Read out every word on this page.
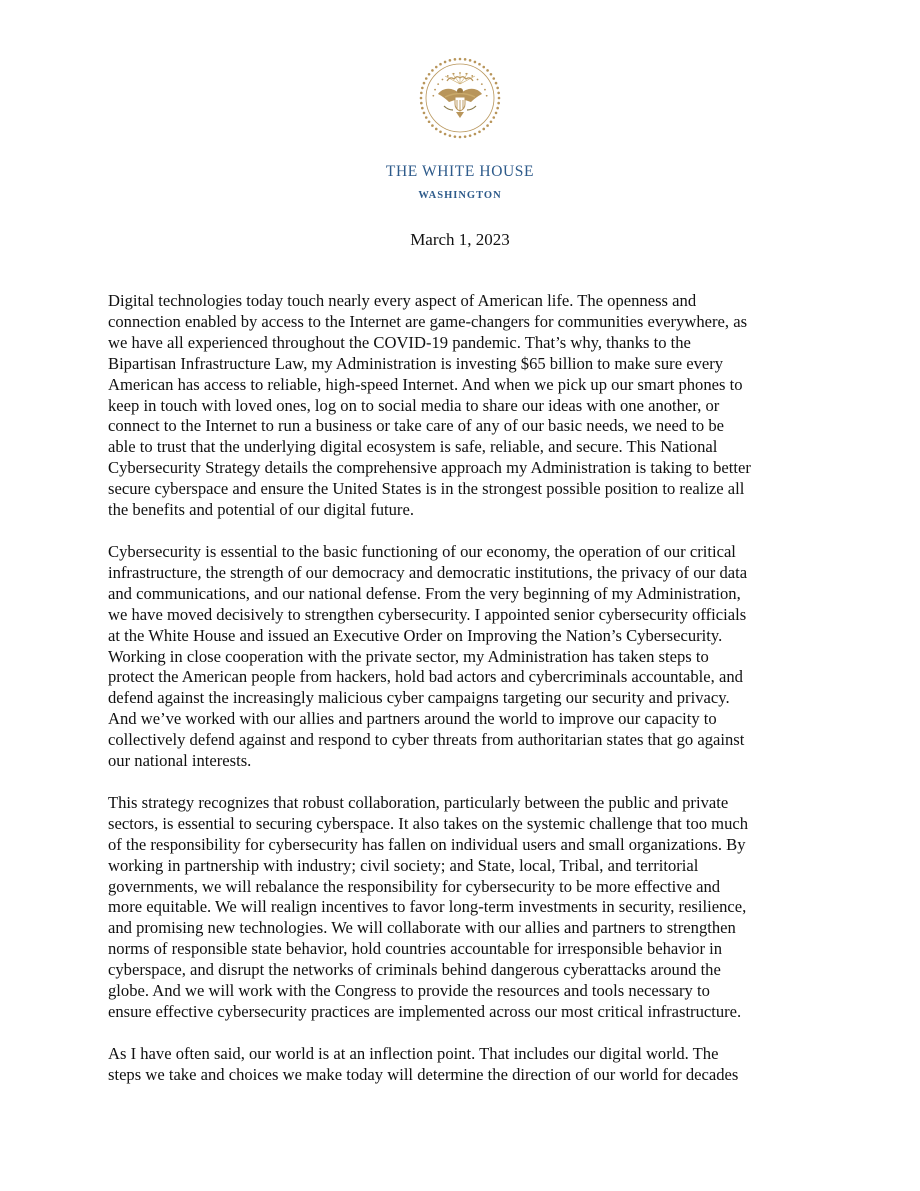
THE WHITE HOUSE
WASHINGTON
March 1, 2023
Digital technologies today touch nearly every aspect of American life. The openness and
connection enabled by access to the Internet are game-changers for communities everywhere, as
we have all experienced throughout the COVID-19 pandemic. That’s why, thanks to the
Bipartisan Infrastructure Law, my Administration is investing $65 billion to make sure every
American has access to reliable, high-speed Internet. And when we pick up our smart phones to
keep in touch with loved ones, log on to social media to share our ideas with one another, or
connect to the Internet to run a business or take care of any of our basic needs, we need to be
able to trust that the underlying digital ecosystem is safe, reliable, and secure. This National
Cybersecurity Strategy details the comprehensive approach my Administration is taking to better
secure cyberspace and ensure the United States is in the strongest possible position to realize all
the benefits and potential of our digital future.
Cybersecurity is essential to the basic functioning of our economy, the operation of our critical
infrastructure, the strength of our democracy and democratic institutions, the privacy of our data
and communications, and our national defense. From the very beginning of my Administration,
we have moved decisively to strengthen cybersecurity. I appointed senior cybersecurity officials
at the White House and issued an Executive Order on Improving the Nation’s Cybersecurity.
Working in close cooperation with the private sector, my Administration has taken steps to
protect the American people from hackers, hold bad actors and cybercriminals accountable, and
defend against the increasingly malicious cyber campaigns targeting our security and privacy.
And we’ve worked with our allies and partners around the world to improve our capacity to
collectively defend against and respond to cyber threats from authoritarian states that go against
our national interests.
This strategy recognizes that robust collaboration, particularly between the public and private
sectors, is essential to securing cyberspace. It also takes on the systemic challenge that too much
of the responsibility for cybersecurity has fallen on individual users and small organizations. By
working in partnership with industry; civil society; and State, local, Tribal, and territorial
governments, we will rebalance the responsibility for cybersecurity to be more effective and
more equitable. We will realign incentives to favor long-term investments in security, resilience,
and promising new technologies. We will collaborate with our allies and partners to strengthen
norms of responsible state behavior, hold countries accountable for irresponsible behavior in
cyberspace, and disrupt the networks of criminals behind dangerous cyberattacks around the
globe. And we will work with the Congress to provide the resources and tools necessary to
ensure effective cybersecurity practices are implemented across our most critical infrastructure.
As I have often said, our world is at an inflection point. That includes our digital world. The
steps we take and choices we make today will determine the direction of our world for decades
